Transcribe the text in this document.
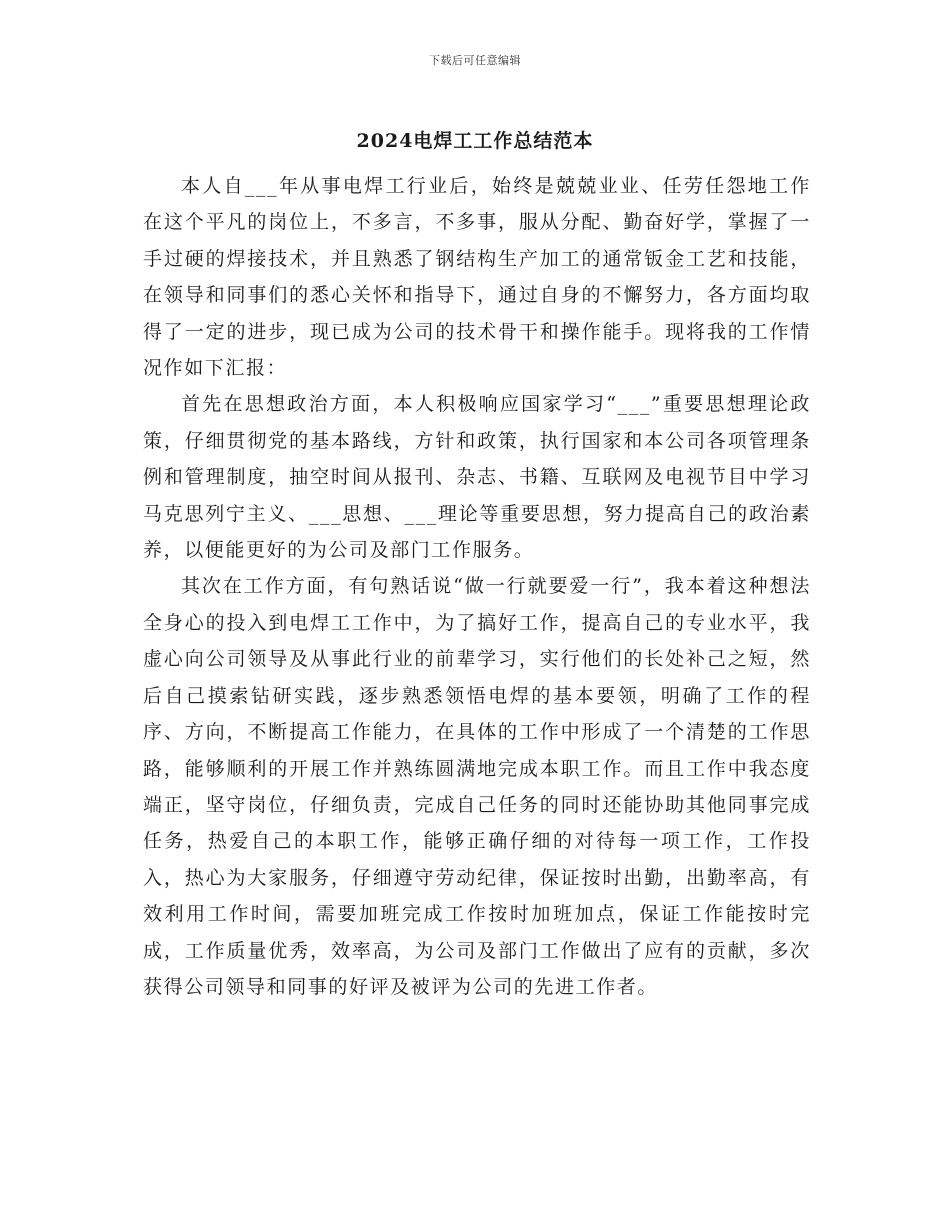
下载后可任意编辑
2024电焊工工作总结范本

本人自___年从事电焊工行业后，始终是兢兢业业、任劳任怨地工作在这个平凡的岗位上，不多言，不多事，服从分配、勤奋好学，掌握了一手过硬的焊接技术，并且熟悉了钢结构生产加工的通常钣金工艺和技能，在领导和同事们的悉心关怀和指导下，通过自身的不懈努力，各方面均取得了一定的进步，现已成为公司的技术骨干和操作能手。现将我的工作情况作如下汇报：

首先在思想政治方面，本人积极响应国家学习“___”重要思想理论政策，仔细贯彻党的基本路线，方针和政策，执行国家和本公司各项管理条例和管理制度，抽空时间从报刊、杂志、书籍、互联网及电视节目中学习马克思列宁主义、___思想、___理论等重要思想，努力提高自己的政治素养，以便能更好的为公司及部门工作服务。

其次在工作方面，有句熟话说“做一行就要爱一行”，我本着这种想法全身心的投入到电焊工工作中，为了搞好工作，提高自己的专业水平，我虚心向公司领导及从事此行业的前辈学习，实行他们的长处补己之短，然后自己摸索钻研实践，逐步熟悉领悟电焊的基本要领，明确了工作的程序、方向，不断提高工作能力，在具体的工作中形成了一个清楚的工作思路，能够顺利的开展工作并熟练圆满地完成本职工作。而且工作中我态度端正，坚守岗位，仔细负责，完成自己任务的同时还能协助其他同事完成任务，热爱自己的本职工作，能够正确仔细的对待每一项工作，工作投入，热心为大家服务，仔细遵守劳动纪律，保证按时出勤，出勤率高，有效利用工作时间，需要加班完成工作按时加班加点，保证工作能按时完成，工作质量优秀，效率高，为公司及部门工作做出了应有的贡献，多次获得公司领导和同事的好评及被评为公司的先进工作者。
